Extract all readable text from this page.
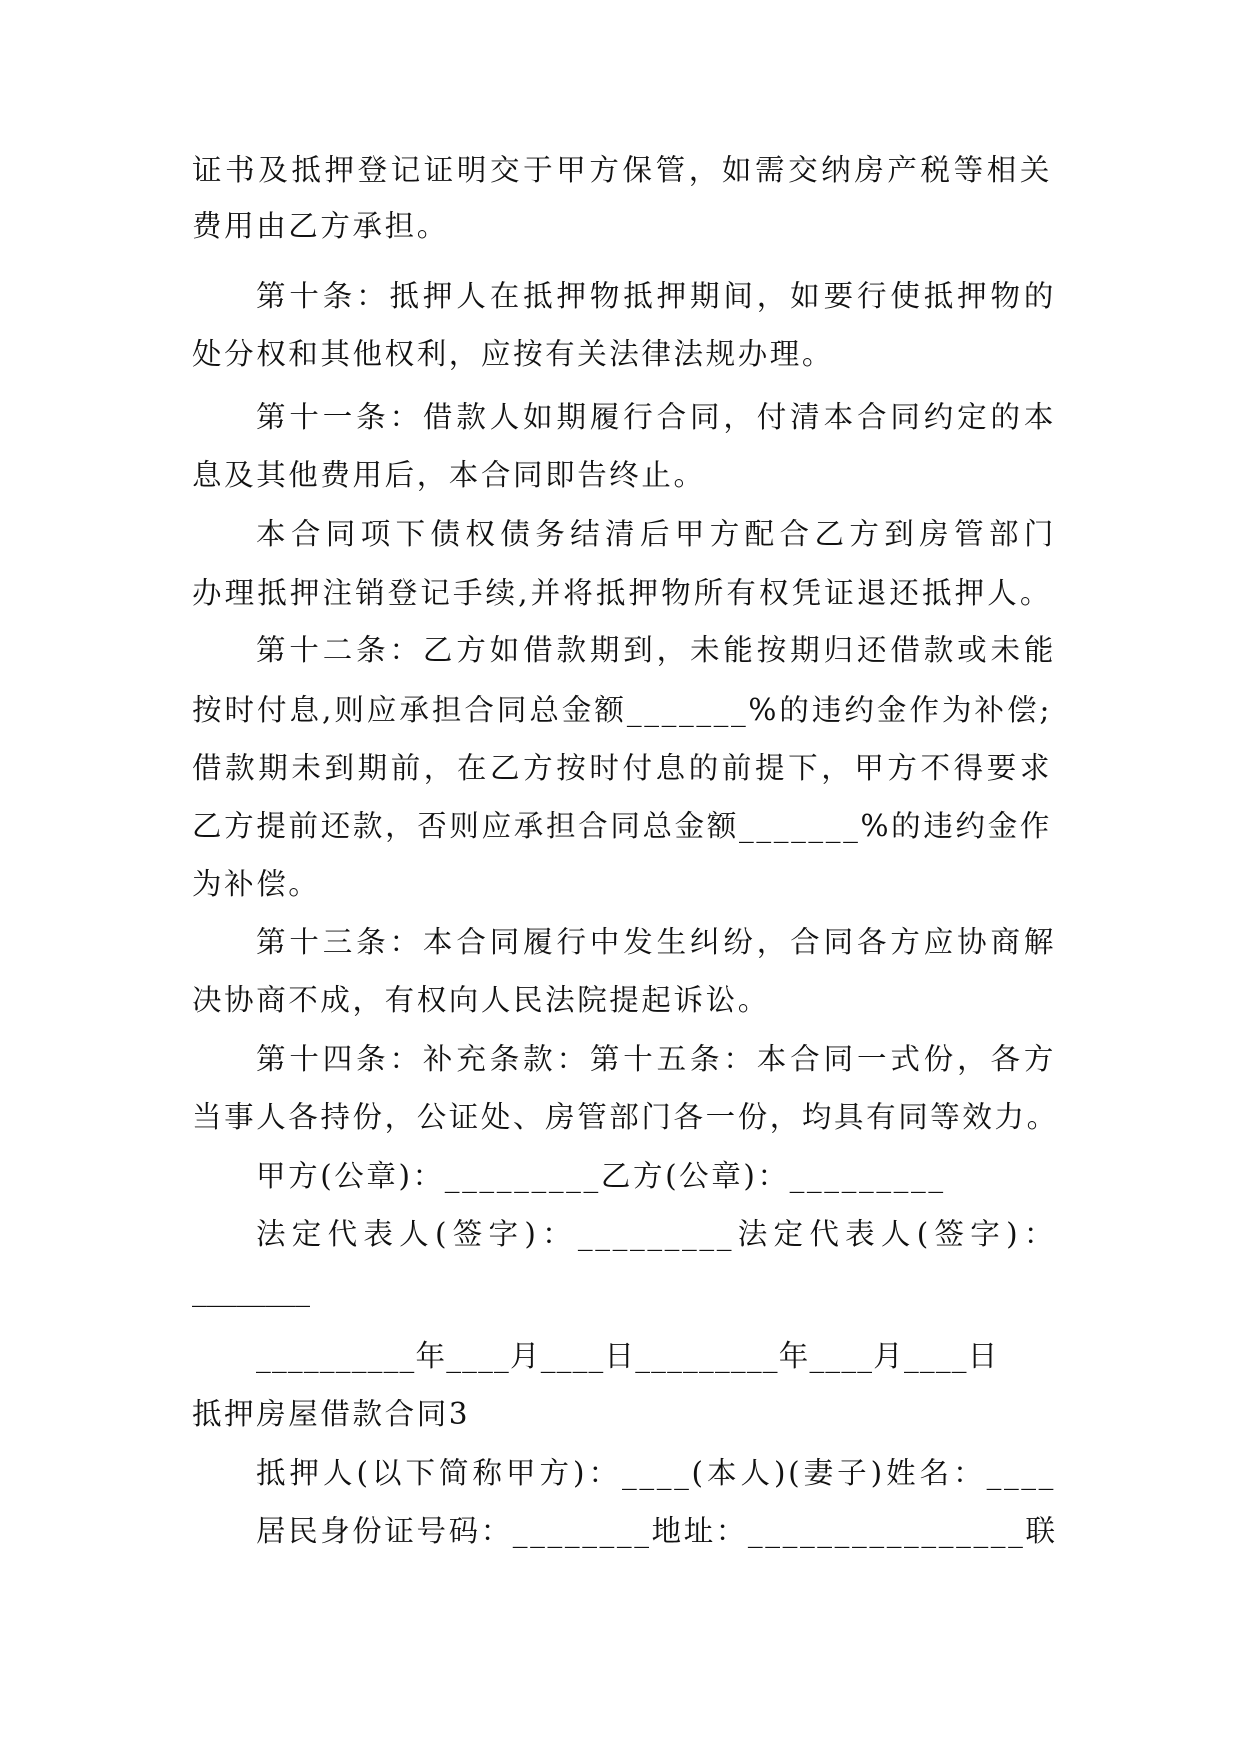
证书及抵押登记证明交于甲方保管，如需交纳房产税等相关
费用由乙方承担。
第十条：抵押人在抵押物抵押期间，如要行使抵押物的
处分权和其他权利，应按有关法律法规办理。
第十一条：借款人如期履行合同，付清本合同约定的本
息及其他费用后，本合同即告终止。
本合同项下债权债务结清后甲方配合乙方到房管部门
办理抵押注销登记手续,并将抵押物所有权凭证退还抵押人。
第十二条：乙方如借款期到，未能按期归还借款或未能
按时付息,则应承担合同总金额_______%的违约金作为补偿;
借款期未到期前，在乙方按时付息的前提下，甲方不得要求
乙方提前还款，否则应承担合同总金额_______%的违约金作
为补偿。
第十三条：本合同履行中发生纠纷，合同各方应协商解
决协商不成，有权向人民法院提起诉讼。
第十四条：补充条款：第十五条：本合同一式份，各方
当事人各持份，公证处、房管部门各一份，均具有同等效力。
甲方(公章)：_________乙方(公章)：_________
法定代表人(签字)：_________法定代表人(签字)：
________
__________年____月____日_________年____月____日
抵押房屋借款合同3
抵押人(以下简称甲方)：____(本人)(妻子)姓名：____
居民身份证号码：________地址：________________联
